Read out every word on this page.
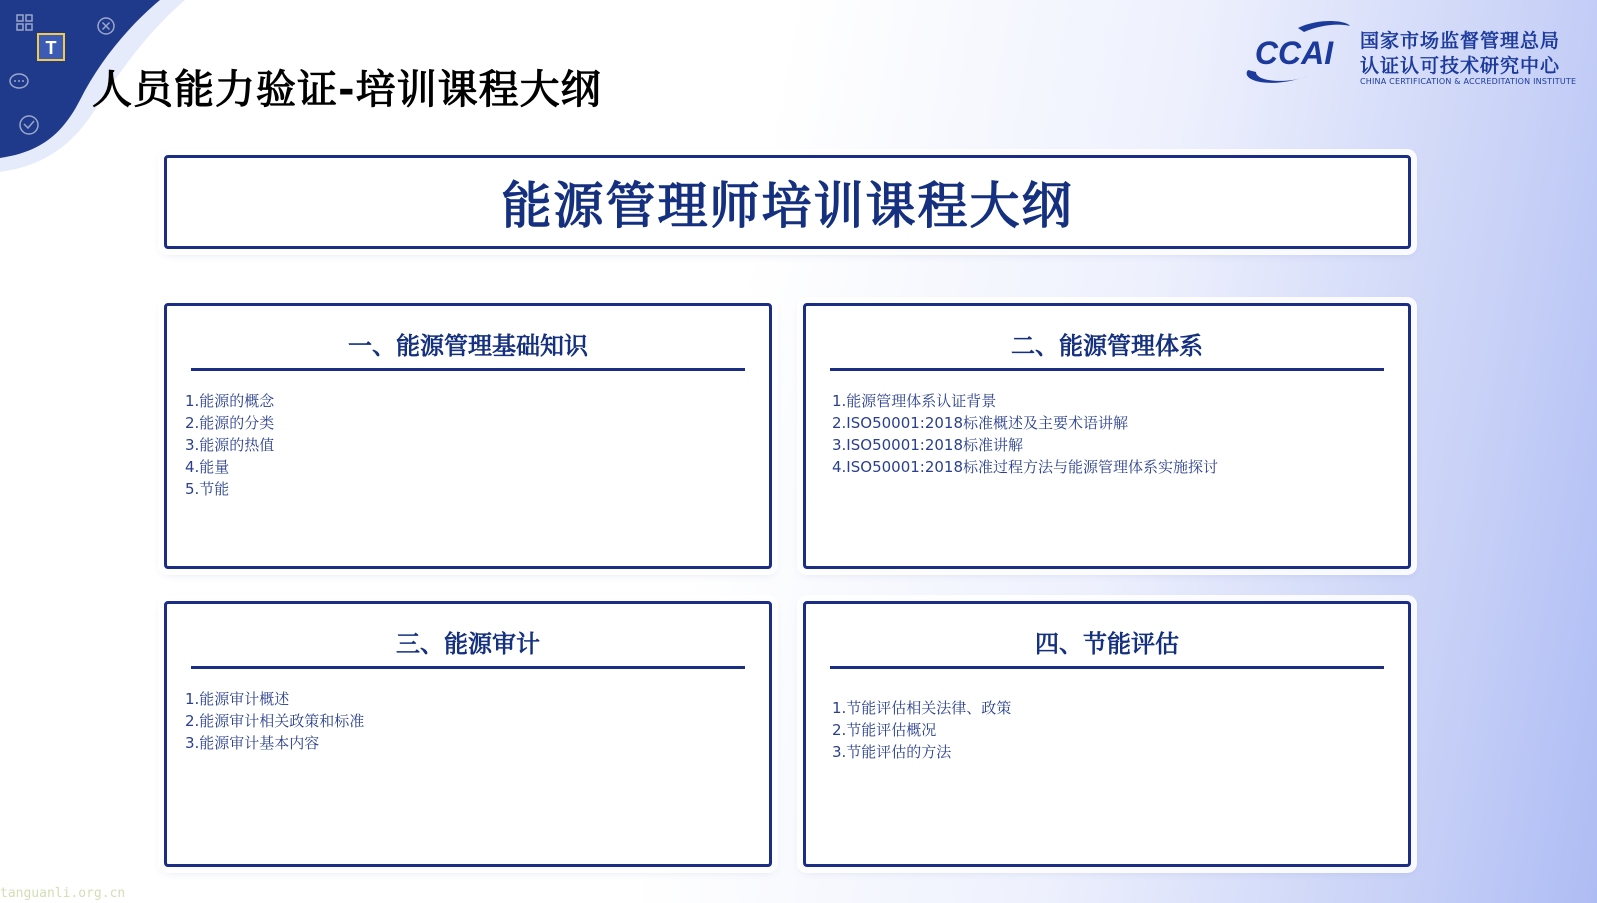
T
人员能力验证-培训课程大纲
CCAI 国家市场监督管理总局
认证认可技术研究中心
CHINA CERTIFICATION & ACCREDITATION INSTITUTE
能源管理师培训课程大纲
一、能源管理基础知识
1.能源的概念
2.能源的分类
3.能源的热值
4.能量
5.节能
二、能源管理体系
1.能源管理体系认证背景
2.ISO50001:2018标准概述及主要术语讲解
3.ISO50001:2018标准讲解
4.ISO50001:2018标准过程方法与能源管理体系实施探讨
三、能源审计
1.能源审计概述
2.能源审计相关政策和标准
3.能源审计基本内容
四、节能评估
1.节能评估相关法律、政策
2.节能评估概况
3.节能评估的方法
tanguanli.org.cn
